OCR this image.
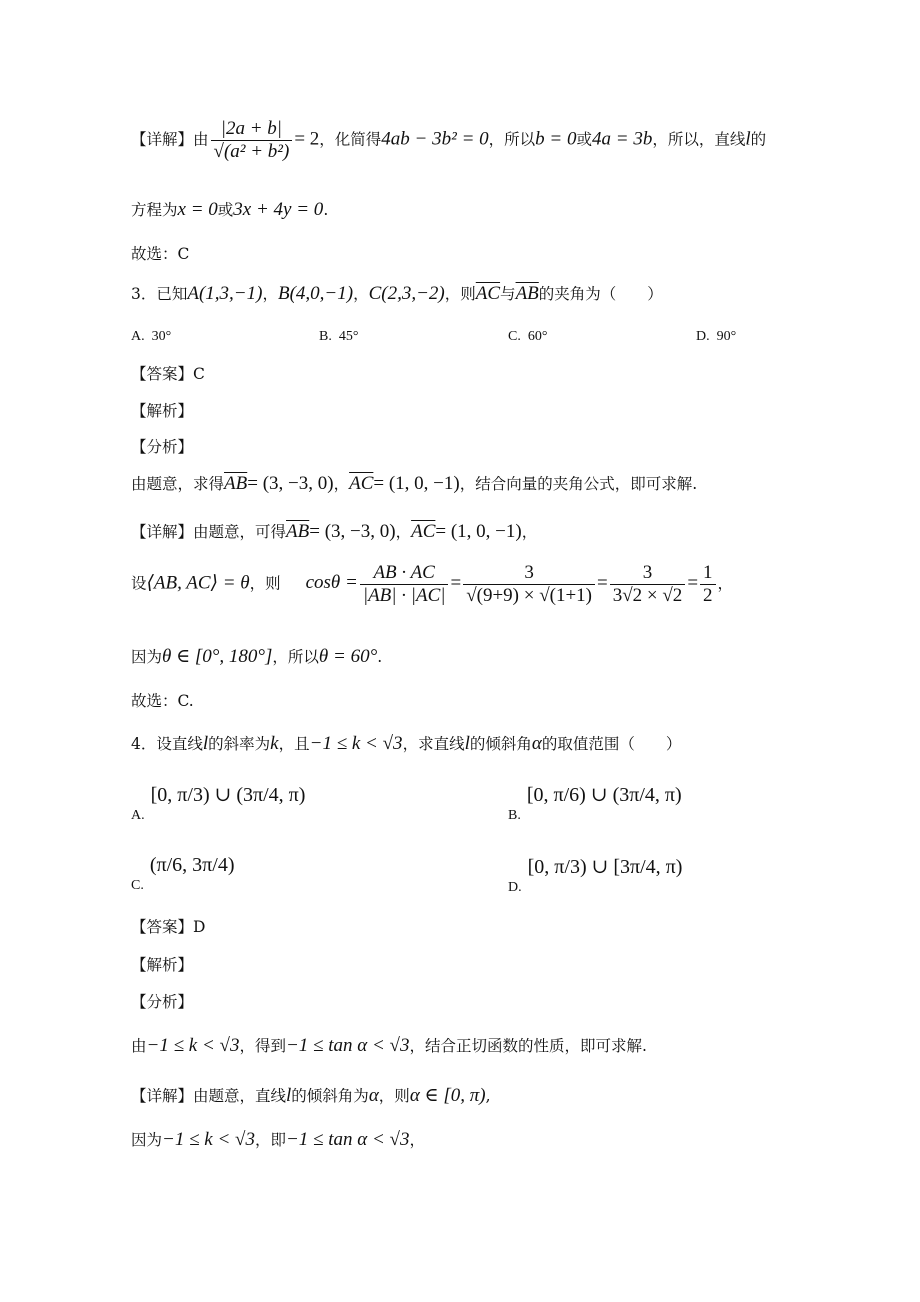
【详解】由 $\frac{|2a + b|}{\text{√(a² + b²)}} = 2$，化简得4ab − 3b² = 0，所以b = 0或4a = 3b，所以，直线l的
方程为x = 0或3x + 4y = 0.
故选：C
3．已知A(1,3,−1)，B(4,0,−1)，C(2,3,−2)，则$\overline{AC}$与$\overline{AB}$的夹角为（　　）
A. 30°	B. 45°	C. 60°	D. 90°
【答案】C
【解析】
【分析】
由题意，求得$\overline{AB}= (3$, −3, 0)，$\overline{AC}= (1$, 0, −1)，结合向量的夹角公式，即可求解.
【详解】由题意，可得$\overline{AB}= (3$, −3, 0)，$\overline{AC}= (1$, 0, −1)，
设⟨AB, AC⟩ = θ，则 $\cos\theta = \frac{AB \cdot AC}{|AB| \cdot |AC|} = \frac{3}{√(9+9) \times √(1+1)} = \frac{3}{3√2 \times √2} = \frac{1}{2}$ ，
因为θ ∈ [0°, 180°]，所以θ = 60°.
故选：C.
4．设直线l的斜率为k，且−1 ≤ k < √3，求直线l的倾斜角α的取值范围（　　）
A.[0, π/3) ∪ (3π/4, π)
B.[0, π/6) ∪ (3π/4, π)
C.(π/6, 3π/4)
D.[0, π/3) ∪ [3π/4, π)
【答案】D
【解析】
【分析】
由−1 ≤ k < √3，得到−1 ≤ tan α < √3，结合正切函数的性质，即可求解.
【详解】由题意，直线l的倾斜角为α，则α ∈ [0, π),
因为−1 ≤ k < √3，即−1 ≤ tan α < √3，
